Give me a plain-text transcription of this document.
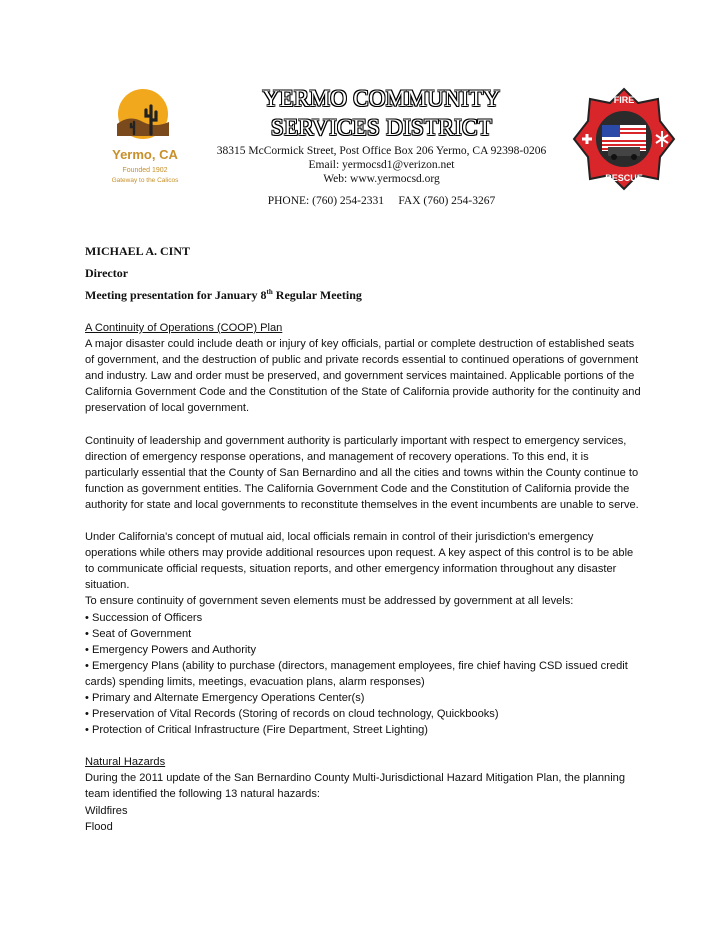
Yermo, CA
Founded 1902
Gateway to the Calicos
FIRE
RESCUE
YERMO COMMUNITY
SERVICES DISTRICT
38315 McCormick Street, Post Office Box 206 Yermo, CA 92398-0206
Email: yermocsd1@verizon.net
Web: www.yermocsd.org
PHONE: (760) 254-2331     FAX (760) 254-3267
MICHAEL A. CINT
Director
Meeting presentation for January 8th Regular Meeting

A Continuity of Operations (COOP) Plan

A major disaster could include death or injury of key officials, partial or complete destruction of established seats of government, and the destruction of public and private records essential to continued operations of government and industry. Law and order must be preserved, and government services maintained. Applicable portions of the California Government Code and the Constitution of the State of California provide authority for the continuity and preservation of local government.

Continuity of leadership and government authority is particularly important with respect to emergency services, direction of emergency response operations, and management of recovery operations. To this end, it is particularly essential that the County of San Bernardino and all the cities and towns within the County continue to function as government entities. The California Government Code and the Constitution of California provide the authority for state and local governments to reconstitute themselves in the event incumbents are unable to serve.

Under California's concept of mutual aid, local officials remain in control of their jurisdiction's emergency operations while others may provide additional resources upon request. A key aspect of this control is to be able to communicate official requests, situation reports, and other emergency information throughout any disaster situation.

To ensure continuity of government seven elements must be addressed by government at all levels:

• Succession of Officers

• Seat of Government

• Emergency Powers and Authority

• Emergency Plans (ability to purchase (directors, management employees, fire chief having CSD issued credit cards) spending limits, meetings, evacuation plans, alarm responses)

• Primary and Alternate Emergency Operations Center(s)

• Preservation of Vital Records (Storing of records on cloud technology, Quickbooks)

• Protection of Critical Infrastructure (Fire Department, Street Lighting)

Natural Hazards

During the 2011 update of the San Bernardino County Multi-Jurisdictional Hazard Mitigation Plan, the planning team identified the following 13 natural hazards:

Wildfires

Flood
